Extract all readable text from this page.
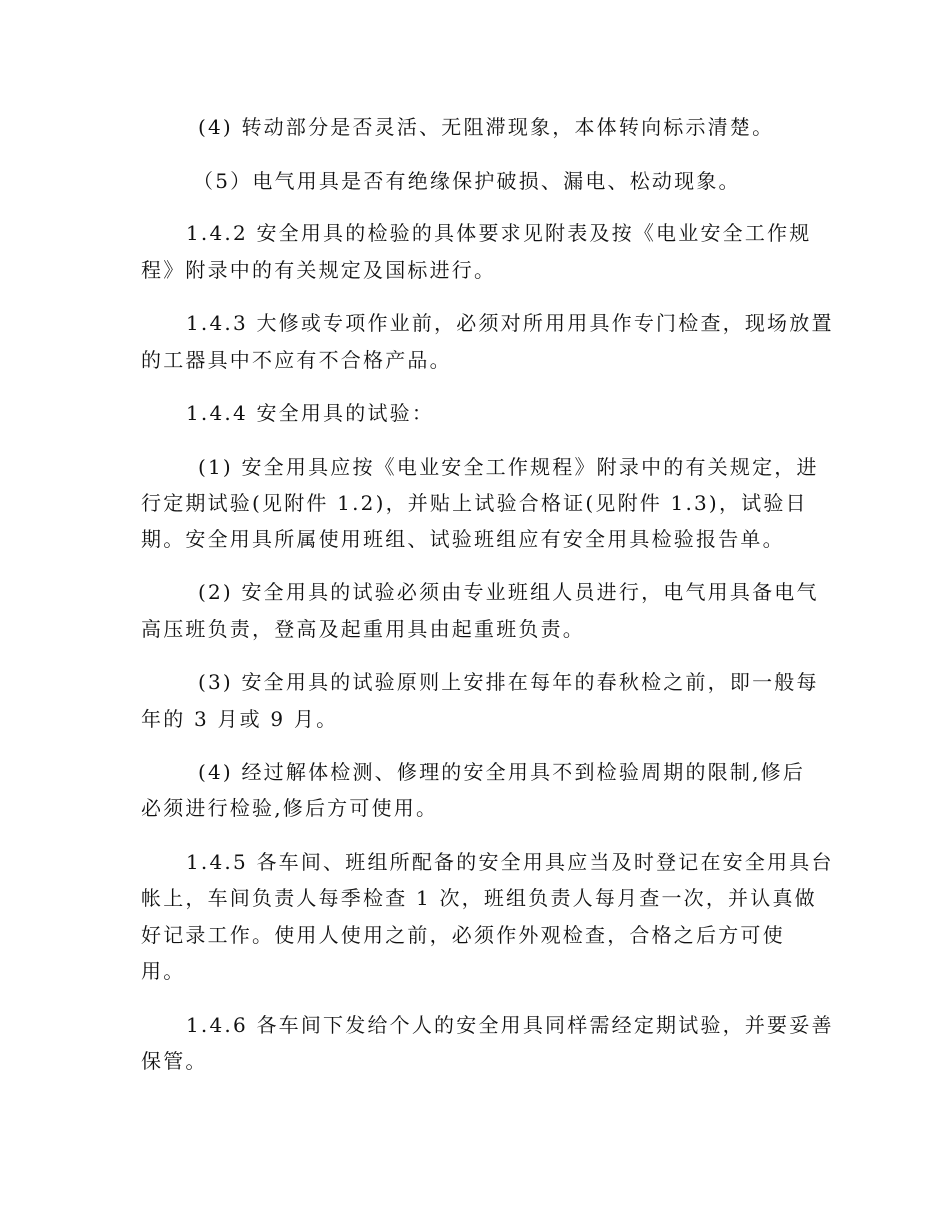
(4) 转动部分是否灵活、无阻滞现象，本体转向标示清楚。
（5）电气用具是否有绝缘保护破损、漏电、松动现象。
1.4.2 安全用具的检验的具体要求见附表及按《电业安全工作规
程》附录中的有关规定及国标进行。
1.4.3 大修或专项作业前，必须对所用用具作专门检查，现场放置
的工器具中不应有不合格产品。
1.4.4 安全用具的试验：
(1) 安全用具应按《电业安全工作规程》附录中的有关规定，进
行定期试验(见附件 1.2)，并贴上试验合格证(见附件 1.3)，试验日
期。安全用具所属使用班组、试验班组应有安全用具检验报告单。
(2) 安全用具的试验必须由专业班组人员进行，电气用具备电气
高压班负责，登高及起重用具由起重班负责。
(3) 安全用具的试验原则上安排在每年的春秋检之前，即一般每
年的 3 月或 9 月。
(4) 经过解体检测、修理的安全用具不到检验周期的限制,修后
必须进行检验,修后方可使用。
1.4.5 各车间、班组所配备的安全用具应当及时登记在安全用具台
帐上，车间负责人每季检查 1 次，班组负责人每月查一次，并认真做
好记录工作。使用人使用之前，必须作外观检查，合格之后方可使
用。
1.4.6 各车间下发给个人的安全用具同样需经定期试验，并要妥善
保管。
